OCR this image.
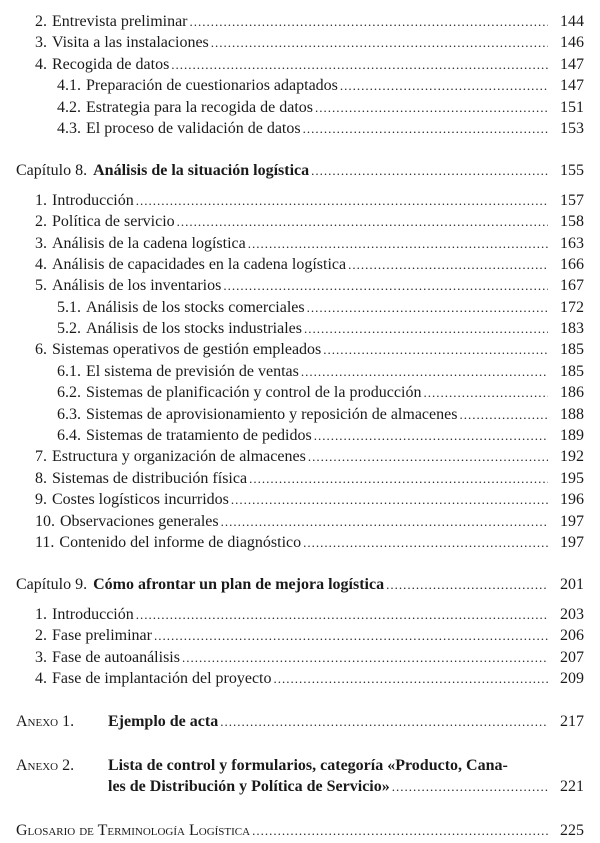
2. Entrevista preliminar .....	144
3. Visita a las instalaciones .....	146
4. Recogida de datos .....	147
4.1. Preparación de cuestionarios adaptados .....	147
4.2. Estrategia para la recogida de datos .....	151
4.3. El proceso de validación de datos .....	153
Capítulo 8. Análisis de la situación logística .....	155
1. Introducción .....	157
2. Política de servicio .....	158
3. Análisis de la cadena logística .....	163
4. Análisis de capacidades en la cadena logística .....	166
5. Análisis de los inventarios .....	167
5.1. Análisis de los stocks comerciales .....	172
5.2. Análisis de los stocks industriales .....	183
6. Sistemas operativos de gestión empleados .....	185
6.1. El sistema de previsión de ventas .....	185
6.2. Sistemas de planificación y control de la producción .....	186
6.3. Sistemas de aprovisionamiento y reposición de almacenes .....	188
6.4. Sistemas de tratamiento de pedidos .....	189
7. Estructura y organización de almacenes .....	192
8. Sistemas de distribución física .....	195
9. Costes logísticos incurridos .....	196
10. Observaciones generales .....	197
11. Contenido del informe de diagnóstico .....	197
Capítulo 9. Cómo afrontar un plan de mejora logística .....	201
1. Introducción .....	203
2. Fase preliminar .....	206
3. Fase de autoanálisis .....	207
4. Fase de implantación del proyecto .....	209
Anexo 1.	Ejemplo de acta .....	217
Anexo 2.	Lista de control y formularios, categoría «Producto, Cana-
les de Distribución y Política de Servicio» .....	221
Glosario de Terminología Logística .....	225
